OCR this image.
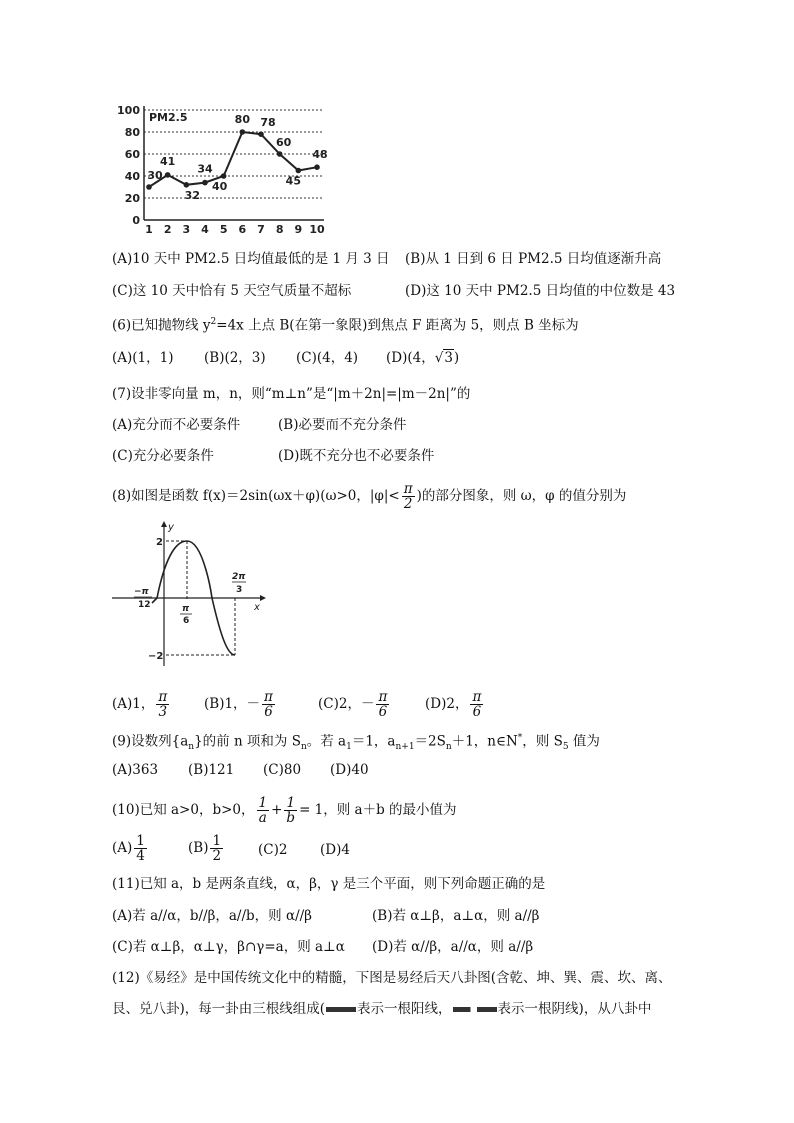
0
20
40
60
80
100
1 2 3 4 5 6 7 8 9 10
PM2.5
30
41
32
34
40
80 78
60
45
48
(A)10 天中 PM2.5 日均值最低的是 1 月 3 日 (B)从 1 日到 6 日 PM2.5 日均值逐渐升高
(C)这 10 天中恰有 5 天空气质量不超标	(D)这 10 天中 PM2.5 日均值的中位数是 43
(6)已知抛物线 $y^2=4x$ 上点 B(在第一象限)到焦点 F 距离为 5，则点 B 坐标为
(A)(1，1) (B)(2，3) (C)(4，4) (D)(4，√3)
(7)设非零向量 m，n，则“m⊥n”是“|m＋2n|=|m－2n|”的
(A)充分而不必要条件	(B)必要而不充分条件
(C)充分必要条件	(D)既不充分也不必要条件
(8)如图是函数 f(x)＝2sin(ωx＋φ)(ω>0，$|\varphi|< \frac{\pi}{2}$ )的部分图象，则 ω，φ 的值分别为
y
x
2
−2
−π
12	π
6
2π
3
(A)1， $\frac{\pi}{3}$	(B)1，－ $\frac{\pi}{6}$	(C)2，－ $\frac{\pi}{6}$	(D)2， $\frac{\pi}{6}$
(9)设数列$\{a_n\}$的前 n 项和为 $S_n$。若 $a_1=1$，$a_{n+1}=2S_n+1$，n∈N*，则 $S_5$ 值为
(A)363 (B)121 (C)80 (D)40
(10)已知 a>0，b>0， $\frac{1}{a} + \frac{1}{b} = 1$，则 a＋b 的最小值为
$(A) \frac{1}{4}$	$(B) \frac{1}{2}$	(C)2 (D)4
(11)已知 a，b 是两条直线，α，β，γ 是三个平面，则下列命题正确的是
(A)若 a//α，b//β，a//b，则 α//β	(B)若 α⊥β，a⊥α，则 a//β
(C)若 α⊥β，α⊥γ，β∩γ=a，则 a⊥α (D)若 α//β，a//α，则 a//β
(12)《易经》是中国传统文化中的精髓，下图是易经后天八卦图(含乾、坤、巽、震、坎、离、
艮、兑八卦)，每一卦由三根线组成( 表示一根阳线，	表示一根阴线)，从八卦中
